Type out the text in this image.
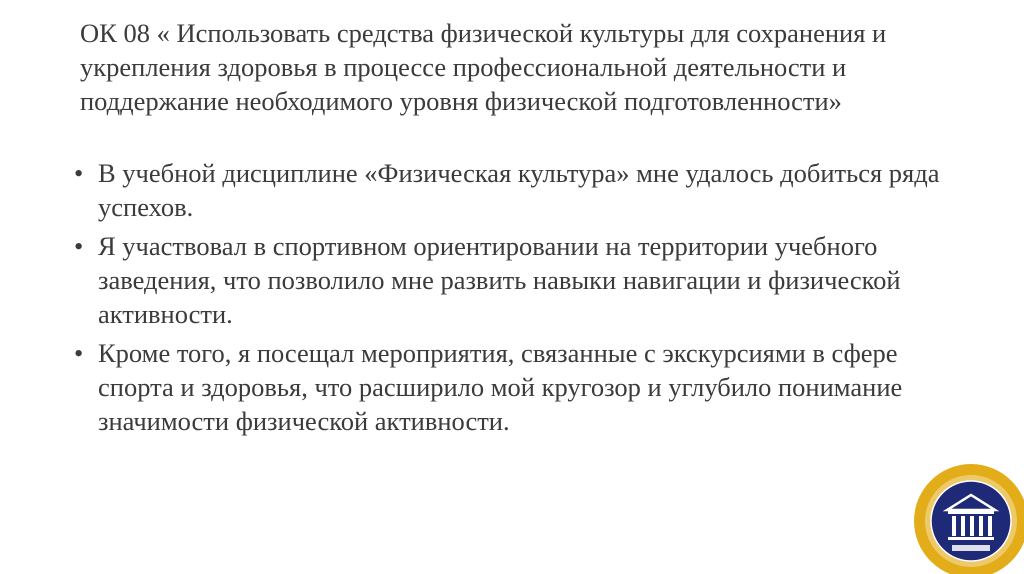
ОК 08 « Использовать средства физической культуры для сохранения и укрепления здоровья в процессе профессиональной деятельности и поддержание необходимого уровня физической подготовленности»
• В учебной дисциплине «Физическая культура» мне удалось добиться ряда успехов.
• Я участвовал в спортивном ориентировании на территории учебного заведения, что позволило мне развить навыки навигации и физической активности.
• Кроме того, я посещал мероприятия, связанные с экскурсиями в сфере спорта и здоровья, что расширило мой кругозор и углубило понимание значимости физической активности.
